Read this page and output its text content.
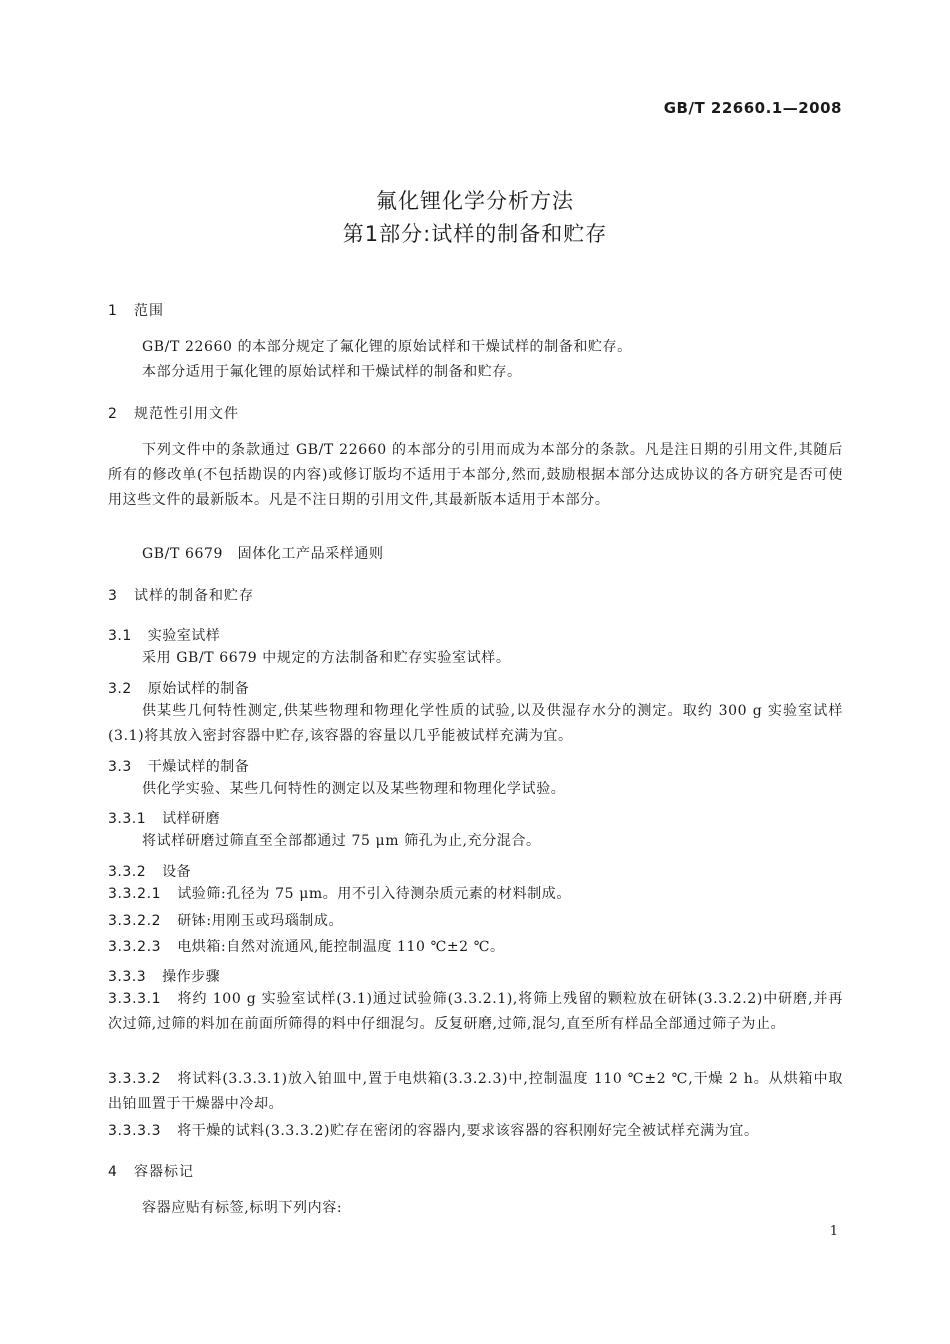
GB/T 22660.1—2008
氟化锂化学分析方法
第1部分:试样的制备和贮存
1 范围
GB/T 22660 的本部分规定了氟化锂的原始试样和干燥试样的制备和贮存。
本部分适用于氟化锂的原始试样和干燥试样的制备和贮存。
2 规范性引用文件
下列文件中的条款通过 GB/T 22660 的本部分的引用而成为本部分的条款。凡是注日期的引用文件,其随后所有的修改单(不包括勘误的内容)或修订版均不适用于本部分,然而,鼓励根据本部分达成协议的各方研究是否可使用这些文件的最新版本。凡是不注日期的引用文件,其最新版本适用于本部分。
GB/T 6679　固体化工产品采样通则
3 试样的制备和贮存
3.1 实验室试样
采用 GB/T 6679 中规定的方法制备和贮存实验室试样。
3.2 原始试样的制备
供某些几何特性测定,供某些物理和物理化学性质的试验,以及供湿存水分的测定。取约 300 g 实验室试样(3.1)将其放入密封容器中贮存,该容器的容量以几乎能被试样充满为宜。
3.3 干燥试样的制备
供化学实验、某些几何特性的测定以及某些物理和物理化学试验。
3.3.1 试样研磨
将试样研磨过筛直至全部都通过 75 μm 筛孔为止,充分混合。
3.3.2 设备
3.3.2.1 试验筛:孔径为 75 μm。用不引入待测杂质元素的材料制成。
3.3.2.2 研钵:用刚玉或玛瑙制成。
3.3.2.3 电烘箱:自然对流通风,能控制温度 110 ℃±2 ℃。
3.3.3 操作步骤
3.3.3.1 将约 100 g 实验室试样(3.1)通过试验筛(3.3.2.1),将筛上残留的颗粒放在研钵(3.3.2.2)中研磨,并再次过筛,过筛的料加在前面所筛得的料中仔细混匀。反复研磨,过筛,混匀,直至所有样品全部通过筛子为止。
3.3.3.2 将试料(3.3.3.1)放入铂皿中,置于电烘箱(3.3.2.3)中,控制温度 110 ℃±2 ℃,干燥 2 h。从烘箱中取出铂皿置于干燥器中冷却。
3.3.3.3 将干燥的试料(3.3.3.2)贮存在密闭的容器内,要求该容器的容积刚好完全被试样充满为宜。
4 容器标记
容器应贴有标签,标明下列内容:
1
